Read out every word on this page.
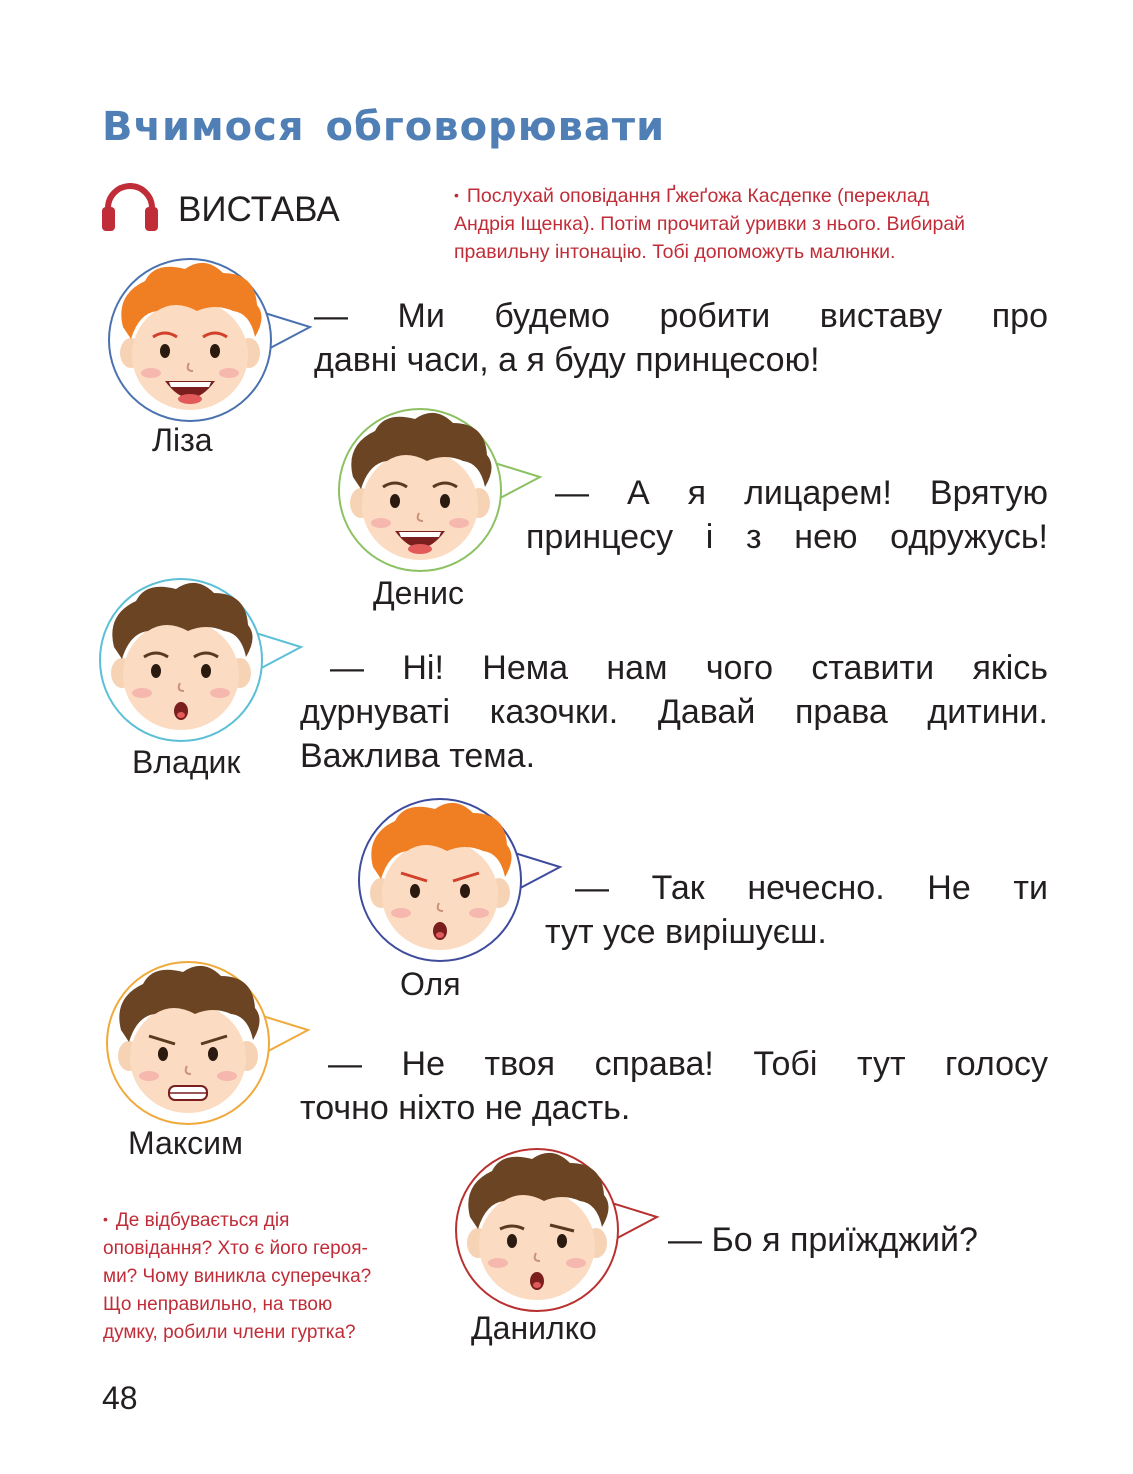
Вчимося обговорювати
ВИСТАВА	• Послухай оповідання Ґжеґожа Касдепке (переклад
Андрія Іщенка). Потім прочитай уривки з нього. Вибирай
правильну інтонацію. Тобі допоможуть малюнки.
Ліза
— Ми будемо робити виставу про
давні часи, а я буду принцесою!
Денис
— А я лицарем! Врятую
принцесу і з нею одружусь!
Владик
— Ні! Нема нам чого ставити якісь
дурнуваті казочки. Давай права дитини.
Важлива тема.
Оля
— Так нечесно. Не ти
тут усе вирішуєш.
Максим
— Не твоя справа! Тобі тут голосу
точно ніхто не дасть.
Данилко
— Бо я приїжджий?
• Де відбувається дія
оповідання? Хто є його героя-
ми? Чому виникла суперечка?
Що неправильно, на твою
думку, робили члени гуртка?
48
